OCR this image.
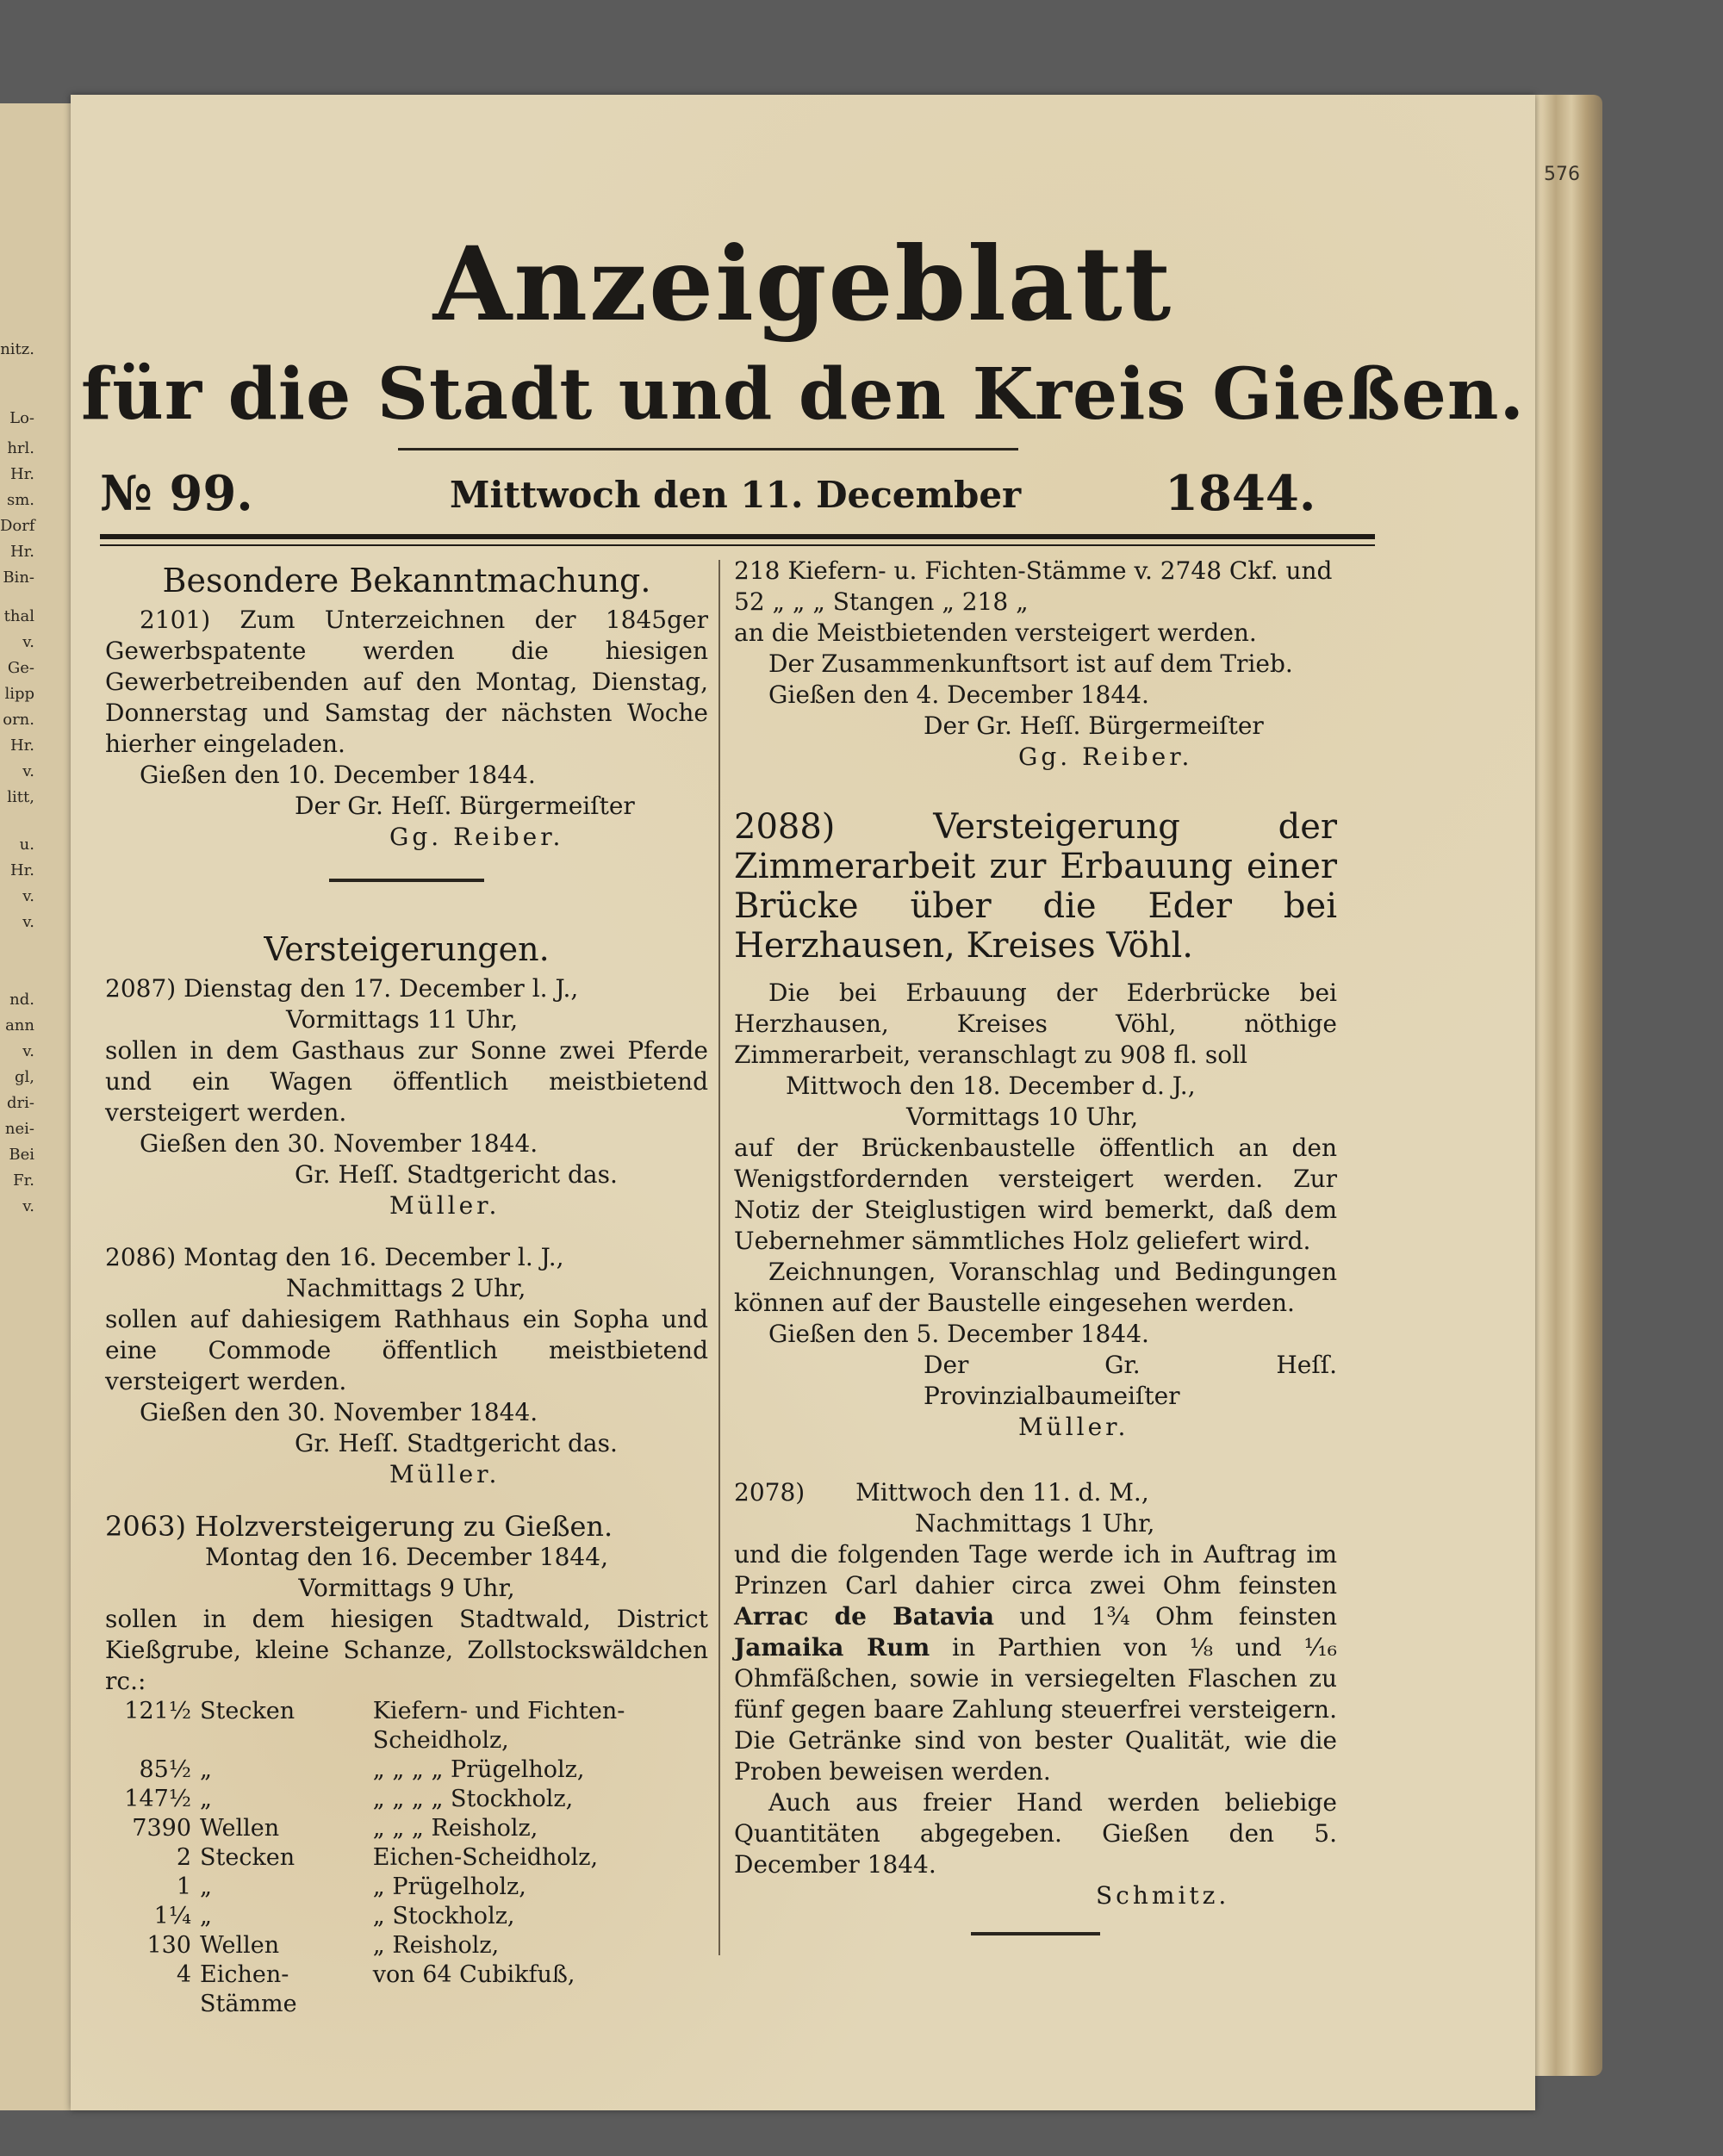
nitz.
Lo-
hrl.
Hr.
sm.
Dorf
Hr.
Bin-
thal
v.
Ge-
lipp
orn.
Hr.
v.
litt,
u.
Hr.
v.
v.
nd.
ann
v.
gl,
dri-
nei-
Bei
Fr.
v.
576
Anzeigeblatt
für die Stadt und den Kreis Gießen.
№ 99.	Mittwoch den 11. December	1844.
Besondere Bekanntmachung.

2101) Zum Unterzeichnen der 1845ger Gewerbspatente werden die hiesigen Gewerbetreibenden auf den Montag, Dienstag, Donnerstag und Samstag der nächsten Woche hierher eingeladen.

Gießen den 10. December 1844.

Der Gr. Heſſ. Bürgermeiſter

Gg. Reiber.

Versteigerungen.

2087) Dienstag den 17. December l. J.,

Vormittags 11 Uhr,

sollen in dem Gasthaus zur Sonne zwei Pferde und ein Wagen öffentlich meistbietend versteigert werden.

Gießen den 30. November 1844.

Gr. Heſſ. Stadtgericht das.

Müller.

2086) Montag den 16. December l. J.,

Nachmittags 2 Uhr,

sollen auf dahiesigem Rathhaus ein Sopha und eine Commode öffentlich meistbietend versteigert werden.

Gießen den 30. November 1844.

Gr. Heſſ. Stadtgericht das.

Müller.

2063) Holzversteigerung zu Gießen.

Montag den 16. December 1844,

Vormittags 9 Uhr,

sollen in dem hiesigen Stadtwald, District Kießgrube, kleine Schanze, Zollstockswäldchen rc.:

121½	Stecken	Kiefern- und Fichten-Scheidholz,
85½	„	„ „ „ „ Prügelholz,
147½	„	„ „ „ „ Stockholz,
7390	Wellen	„ „ „ Reisholz,
2	Stecken	Eichen-Scheidholz,
1	„	„ Prügelholz,
1¼	„	„ Stockholz,
130	Wellen	„ Reisholz,
4	Eichen-Stämme	von 64 Cubikfuß,

218 Kiefern- u. Fichten-Stämme v. 2748 Ckf. und

52 „ „ „ Stangen „ 218 „

an die Meistbietenden versteigert werden.

Der Zusammenkunftsort ist auf dem Trieb.

Gießen den 4. December 1844.

Der Gr. Heſſ. Bürgermeiſter

Gg. Reiber.

2088)	Versteigerung der Zimmerarbeit zur Erbauung einer Brücke über die Eder bei Herzhausen, Kreises Vöhl.

Die bei Erbauung der Ederbrücke bei Herzhausen, Kreises Vöhl, nöthige Zimmerarbeit, veranschlagt zu 908 fl. soll

Mittwoch den 18. December d. J.,

Vormittags 10 Uhr,

auf der Brückenbaustelle öffentlich an den Wenigstfordernden versteigert werden. Zur Notiz der Steiglustigen wird bemerkt, daß dem Uebernehmer sämmtliches Holz geliefert wird.

Zeichnungen, Voranschlag und Bedingungen können auf der Baustelle eingesehen werden.

Gießen den 5. December 1844.

Der Gr. Heſſ. Provinzialbaumeiſter

Müller.

2078) Mittwoch den 11. d. M.,

Nachmittags 1 Uhr,

und die folgenden Tage werde ich in Auftrag im Prinzen Carl dahier circa zwei Ohm feinsten Arrac de Batavia und 1¾ Ohm feinsten Jamaika Rum in Parthien von ⅛ und ¹⁄₁₆ Ohmfäßchen, sowie in versiegelten Flaschen zu fünf gegen baare Zahlung steuerfrei versteigern. Die Getränke sind von bester Qualität, wie die Proben beweisen werden.

Auch aus freier Hand werden beliebige Quantitäten abgegeben. Gießen den 5. December 1844.

Schmitz.
